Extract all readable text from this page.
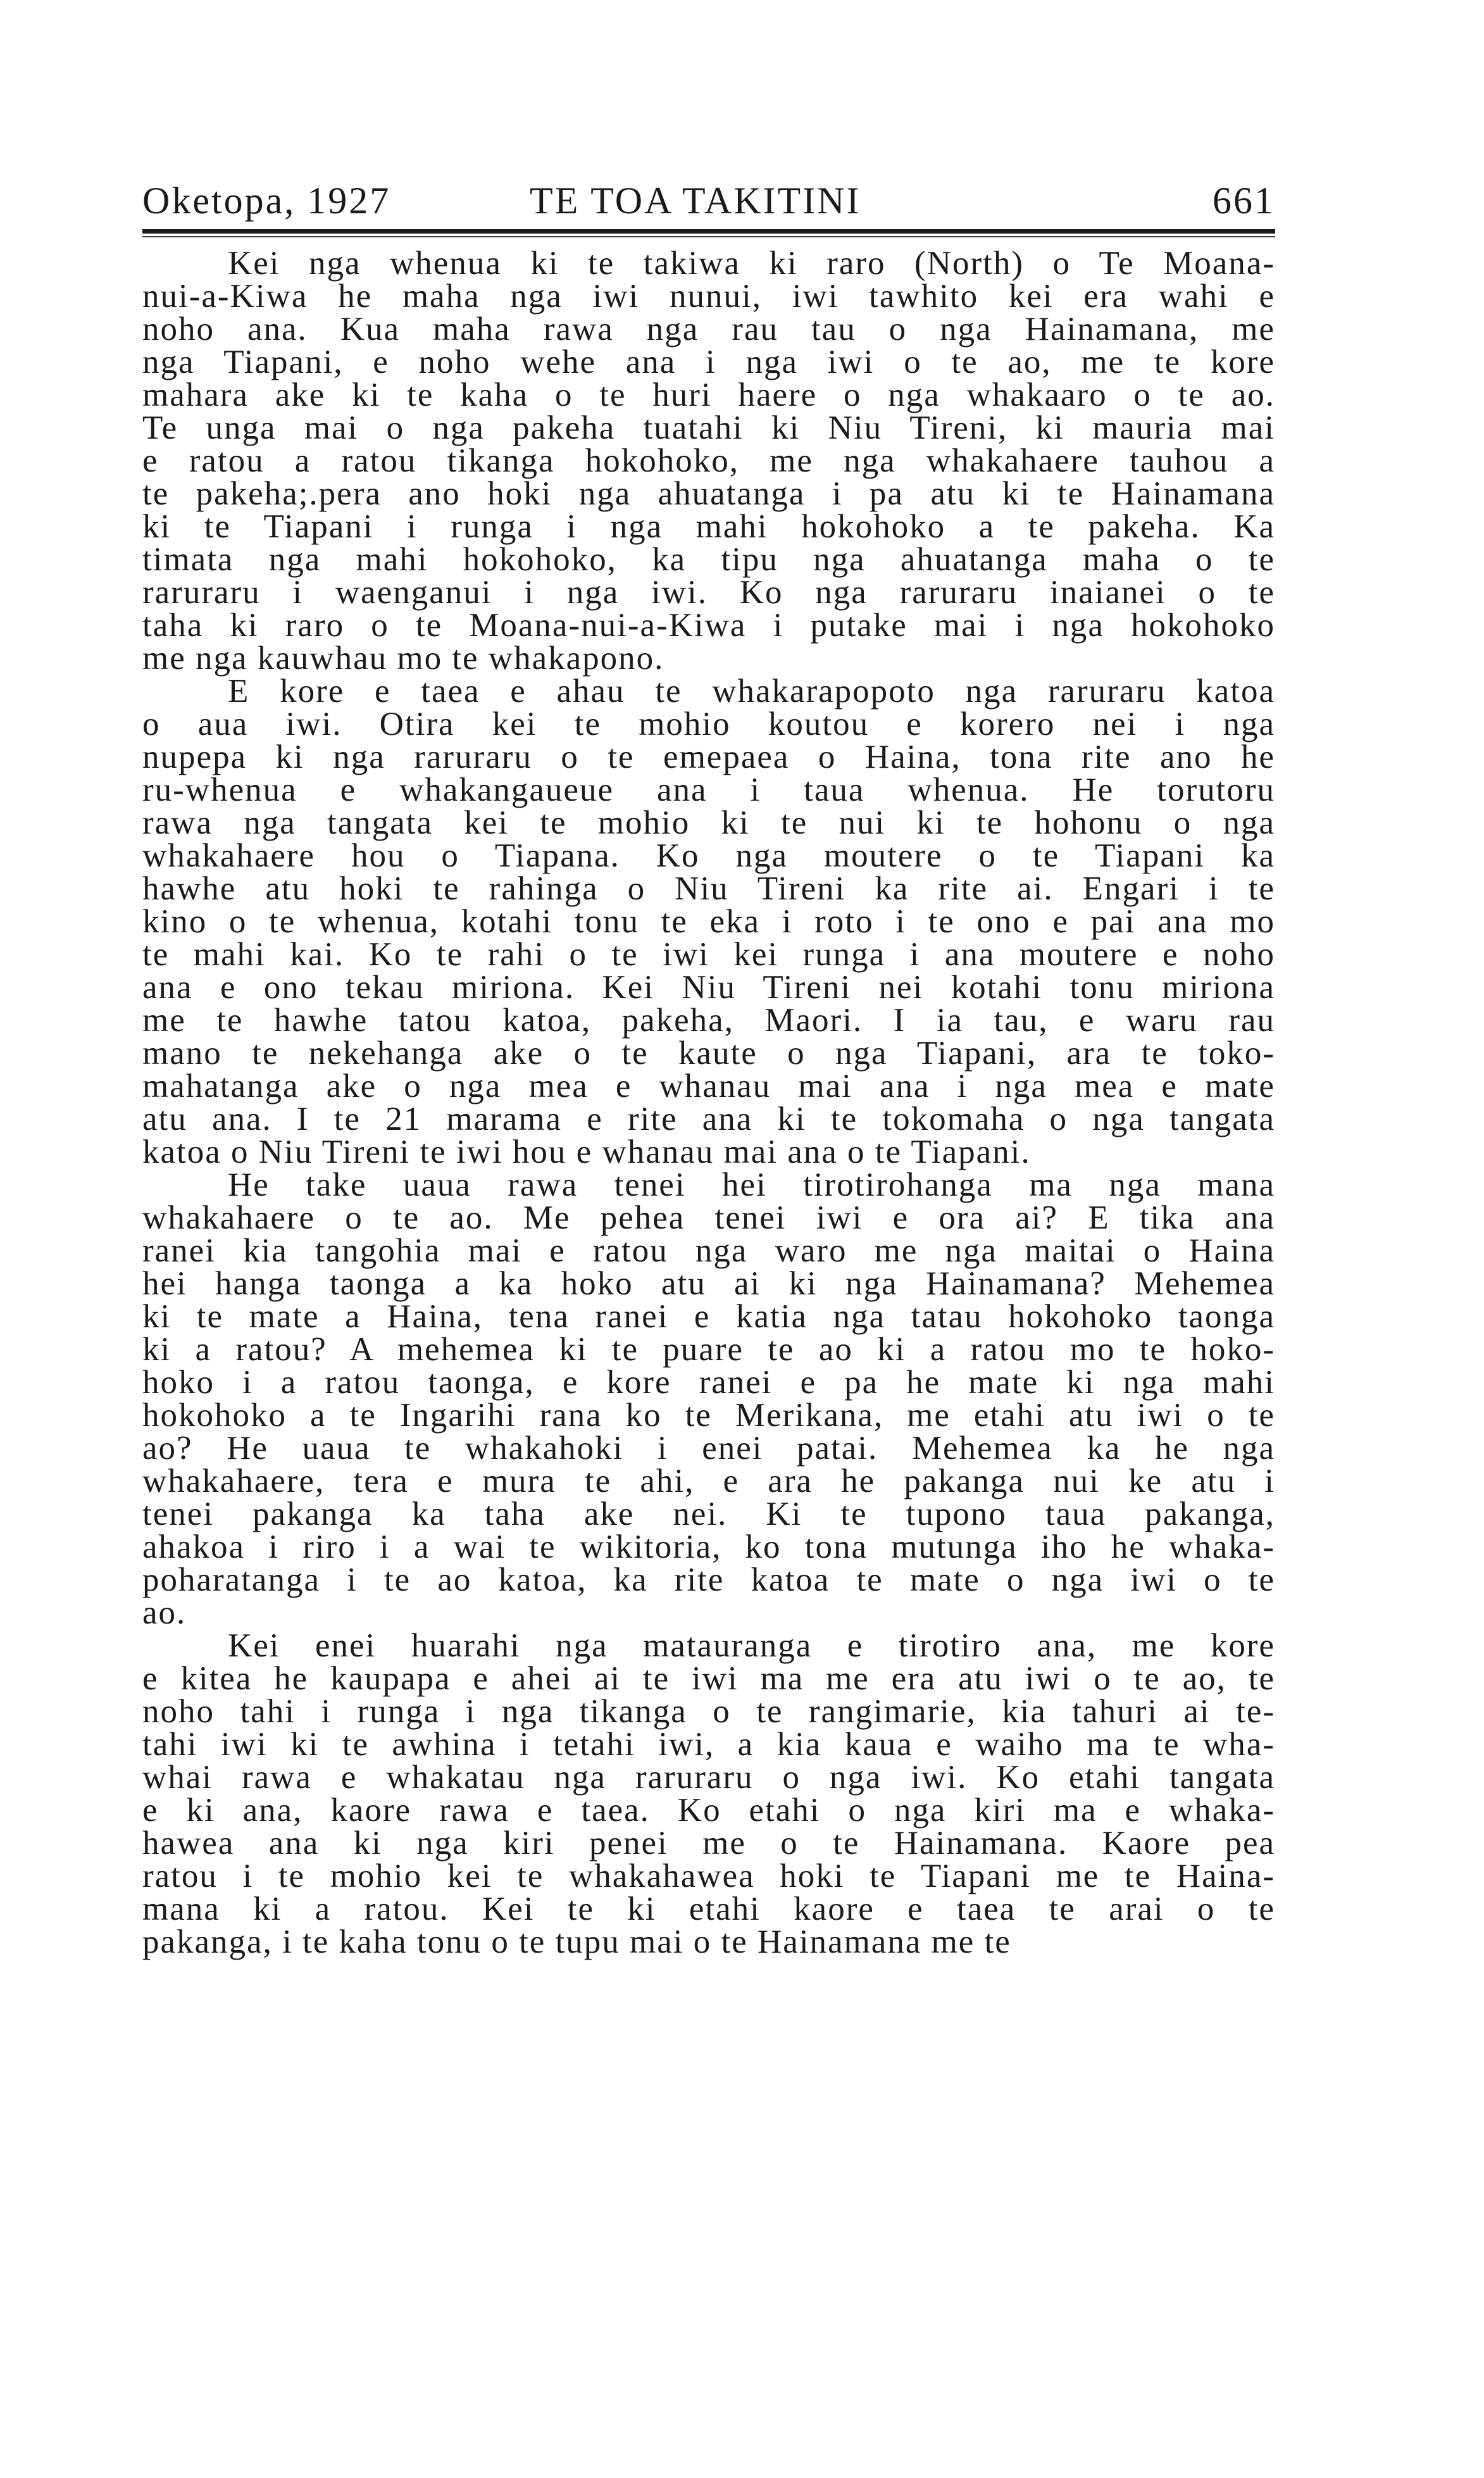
Oketopa, 1927	TE TOA TAKITINI	661
Kei nga whenua ki te takiwa ki raro (North) o Te Moana-
nui-a-Kiwa he maha nga iwi nunui, iwi tawhito kei era wahi e
noho ana. Kua maha rawa nga rau tau o nga Hainamana, me
nga Tiapani, e noho wehe ana i nga iwi o te ao, me te kore
mahara ake ki te kaha o te huri haere o nga whakaaro o te ao.
Te unga mai o nga pakeha tuatahi ki Niu Tireni, ki mauria mai
e ratou a ratou tikanga hokohoko, me nga whakahaere tauhou a
te pakeha;.pera ano hoki nga ahuatanga i pa atu ki te Hainamana
ki te Tiapani i runga i nga mahi hokohoko a te pakeha. Ka
timata nga mahi hokohoko, ka tipu nga ahuatanga maha o te
raruraru i waenganui i nga iwi. Ko nga raruraru inaianei o te
taha ki raro o te Moana-nui-a-Kiwa i putake mai i nga hokohoko
me nga kauwhau mo te whakapono.
E kore e taea e ahau te whakarapopoto nga raruraru katoa
o aua iwi. Otira kei te mohio koutou e korero nei i nga
nupepa ki nga raruraru o te emepaea o Haina, tona rite ano he
ru-whenua e whakangaueue ana i taua whenua. He torutoru
rawa nga tangata kei te mohio ki te nui ki te hohonu o nga
whakahaere hou o Tiapana. Ko nga moutere o te Tiapani ka
hawhe atu hoki te rahinga o Niu Tireni ka rite ai. Engari i te
kino o te whenua, kotahi tonu te eka i roto i te ono e pai ana mo
te mahi kai. Ko te rahi o te iwi kei runga i ana moutere e noho
ana e ono tekau miriona. Kei Niu Tireni nei kotahi tonu miriona
me te hawhe tatou katoa, pakeha, Maori. I ia tau, e waru rau
mano te nekehanga ake o te kaute o nga Tiapani, ara te toko-
mahatanga ake o nga mea e whanau mai ana i nga mea e mate
atu ana. I te 21 marama e rite ana ki te tokomaha o nga tangata
katoa o Niu Tireni te iwi hou e whanau mai ana o te Tiapani.
He take uaua rawa tenei hei tirotirohanga ma nga mana
whakahaere o te ao. Me pehea tenei iwi e ora ai? E tika ana
ranei kia tangohia mai e ratou nga waro me nga maitai o Haina
hei hanga taonga a ka hoko atu ai ki nga Hainamana? Mehemea
ki te mate a Haina, tena ranei e katia nga tatau hokohoko taonga
ki a ratou? A mehemea ki te puare te ao ki a ratou mo te hoko-
hoko i a ratou taonga, e kore ranei e pa he mate ki nga mahi
hokohoko a te Ingarihi rana ko te Merikana, me etahi atu iwi o te
ao? He uaua te whakahoki i enei patai. Mehemea ka he nga
whakahaere, tera e mura te ahi, e ara he pakanga nui ke atu i
tenei pakanga ka taha ake nei. Ki te tupono taua pakanga,
ahakoa i riro i a wai te wikitoria, ko tona mutunga iho he whaka-
poharatanga i te ao katoa, ka rite katoa te mate o nga iwi o te
ao.
Kei enei huarahi nga matauranga e tirotiro ana, me kore
e kitea he kaupapa e ahei ai te iwi ma me era atu iwi o te ao, te
noho tahi i runga i nga tikanga o te rangimarie, kia tahuri ai te-
tahi iwi ki te awhina i tetahi iwi, a kia kaua e waiho ma te wha-
whai rawa e whakatau nga raruraru o nga iwi. Ko etahi tangata
e ki ana, kaore rawa e taea. Ko etahi o nga kiri ma e whaka-
hawea ana ki nga kiri penei me o te Hainamana. Kaore pea
ratou i te mohio kei te whakahawea hoki te Tiapani me te Haina-
mana ki a ratou. Kei te ki etahi kaore e taea te arai o te
pakanga, i te kaha tonu o te tupu mai o te Hainamana me te
